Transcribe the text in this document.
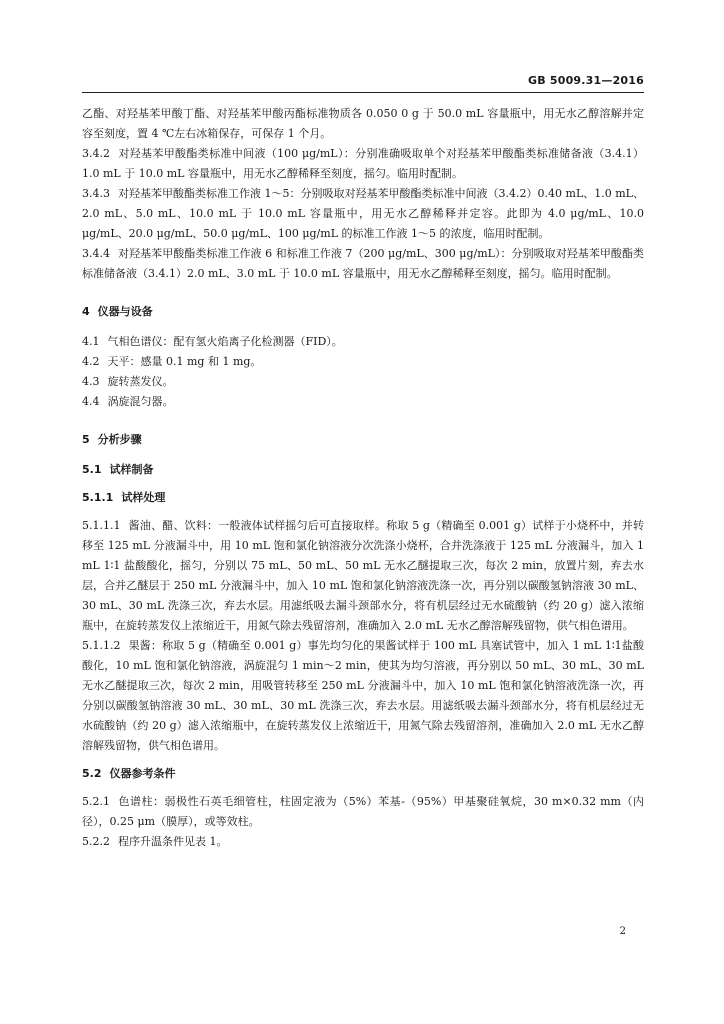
GB 5009.31—2016
乙酯、对羟基苯甲酸丁酯、对羟基苯甲酸丙酯标准物质各 0.050 0 g 于 50.0 mL 容量瓶中，用无水乙醇溶解并定容至刻度，置 4 ℃左右冰箱保存，可保存 1 个月。
3.4.2 对羟基苯甲酸酯类标准中间液（100 μg/mL）：分别准确吸取单个对羟基苯甲酸酯类标准储备液（3.4.1）1.0 mL 于 10.0 mL 容量瓶中，用无水乙醇稀释至刻度，摇匀。临用时配制。
3.4.3 对羟基苯甲酸酯类标准工作液 1～5：分别吸取对羟基苯甲酸酯类标准中间液（3.4.2）0.40 mL、1.0 mL、2.0 mL、5.0 mL、10.0 mL 于 10.0 mL 容量瓶中，用无水乙醇稀释并定容。此即为 4.0 μg/mL、10.0 μg/mL、20.0 μg/mL、50.0 μg/mL、100 μg/mL 的标准工作液 1～5 的浓度，临用时配制。
3.4.4 对羟基苯甲酸酯类标准工作液 6 和标准工作液 7（200 μg/mL、300 μg/mL）：分别吸取对羟基苯甲酸酯类标准储备液（3.4.1）2.0 mL、3.0 mL 于 10.0 mL 容量瓶中，用无水乙醇稀释至刻度，摇匀。临用时配制。
4 仪器与设备
4.1 气相色谱仪：配有氢火焰离子化检测器（FID）。
4.2 天平：感量 0.1 mg 和 1 mg。
4.3 旋转蒸发仪。
4.4 涡旋混匀器。
5 分析步骤
5.1 试样制备
5.1.1 试样处理
5.1.1.1 酱油、醋、饮料：一般液体试样摇匀后可直接取样。称取 5 g（精确至 0.001 g）试样于小烧杯中，并转移至 125 mL 分液漏斗中，用 10 mL 饱和氯化钠溶液分次洗涤小烧杯，合并洗涤液于 125 mL 分液漏斗，加入 1 mL 1∶1 盐酸酸化，摇匀，分别以 75 mL、50 mL、50 mL 无水乙醚提取三次，每次 2 min，放置片刻，弃去水层，合并乙醚层于 250 mL 分液漏斗中，加入 10 mL 饱和氯化钠溶液洗涤一次，再分别以碳酸氢钠溶液 30 mL、30 mL、30 mL 洗涤三次，弃去水层。用滤纸吸去漏斗颈部水分，将有机层经过无水硫酸钠（约 20 g）滤入浓缩瓶中，在旋转蒸发仪上浓缩近干，用氮气除去残留溶剂，准确加入 2.0 mL 无水乙醇溶解残留物，供气相色谱用。
5.1.1.2 果酱：称取 5 g（精确至 0.001 g）事先均匀化的果酱试样于 100 mL 具塞试管中，加入 1 mL 1∶1盐酸酸化，10 mL 饱和氯化钠溶液，涡旋混匀 1 min～2 min，使其为均匀溶液，再分别以 50 mL、30 mL、30 mL 无水乙醚提取三次，每次 2 min，用吸管转移至 250 mL 分液漏斗中，加入 10 mL 饱和氯化钠溶液洗涤一次，再分别以碳酸氢钠溶液 30 mL、30 mL、30 mL 洗涤三次，弃去水层。用滤纸吸去漏斗颈部水分，将有机层经过无水硫酸钠（约 20 g）滤入浓缩瓶中，在旋转蒸发仪上浓缩近干，用氮气除去残留溶剂，准确加入 2.0 mL 无水乙醇溶解残留物，供气相色谱用。
5.2 仪器参考条件
5.2.1 色谱柱：弱极性石英毛细管柱，柱固定液为（5%）苯基-（95%）甲基聚硅氧烷，30 m×0.32 mm（内径），0.25 μm（膜厚），或等效柱。
5.2.2 程序升温条件见表 1。
2
